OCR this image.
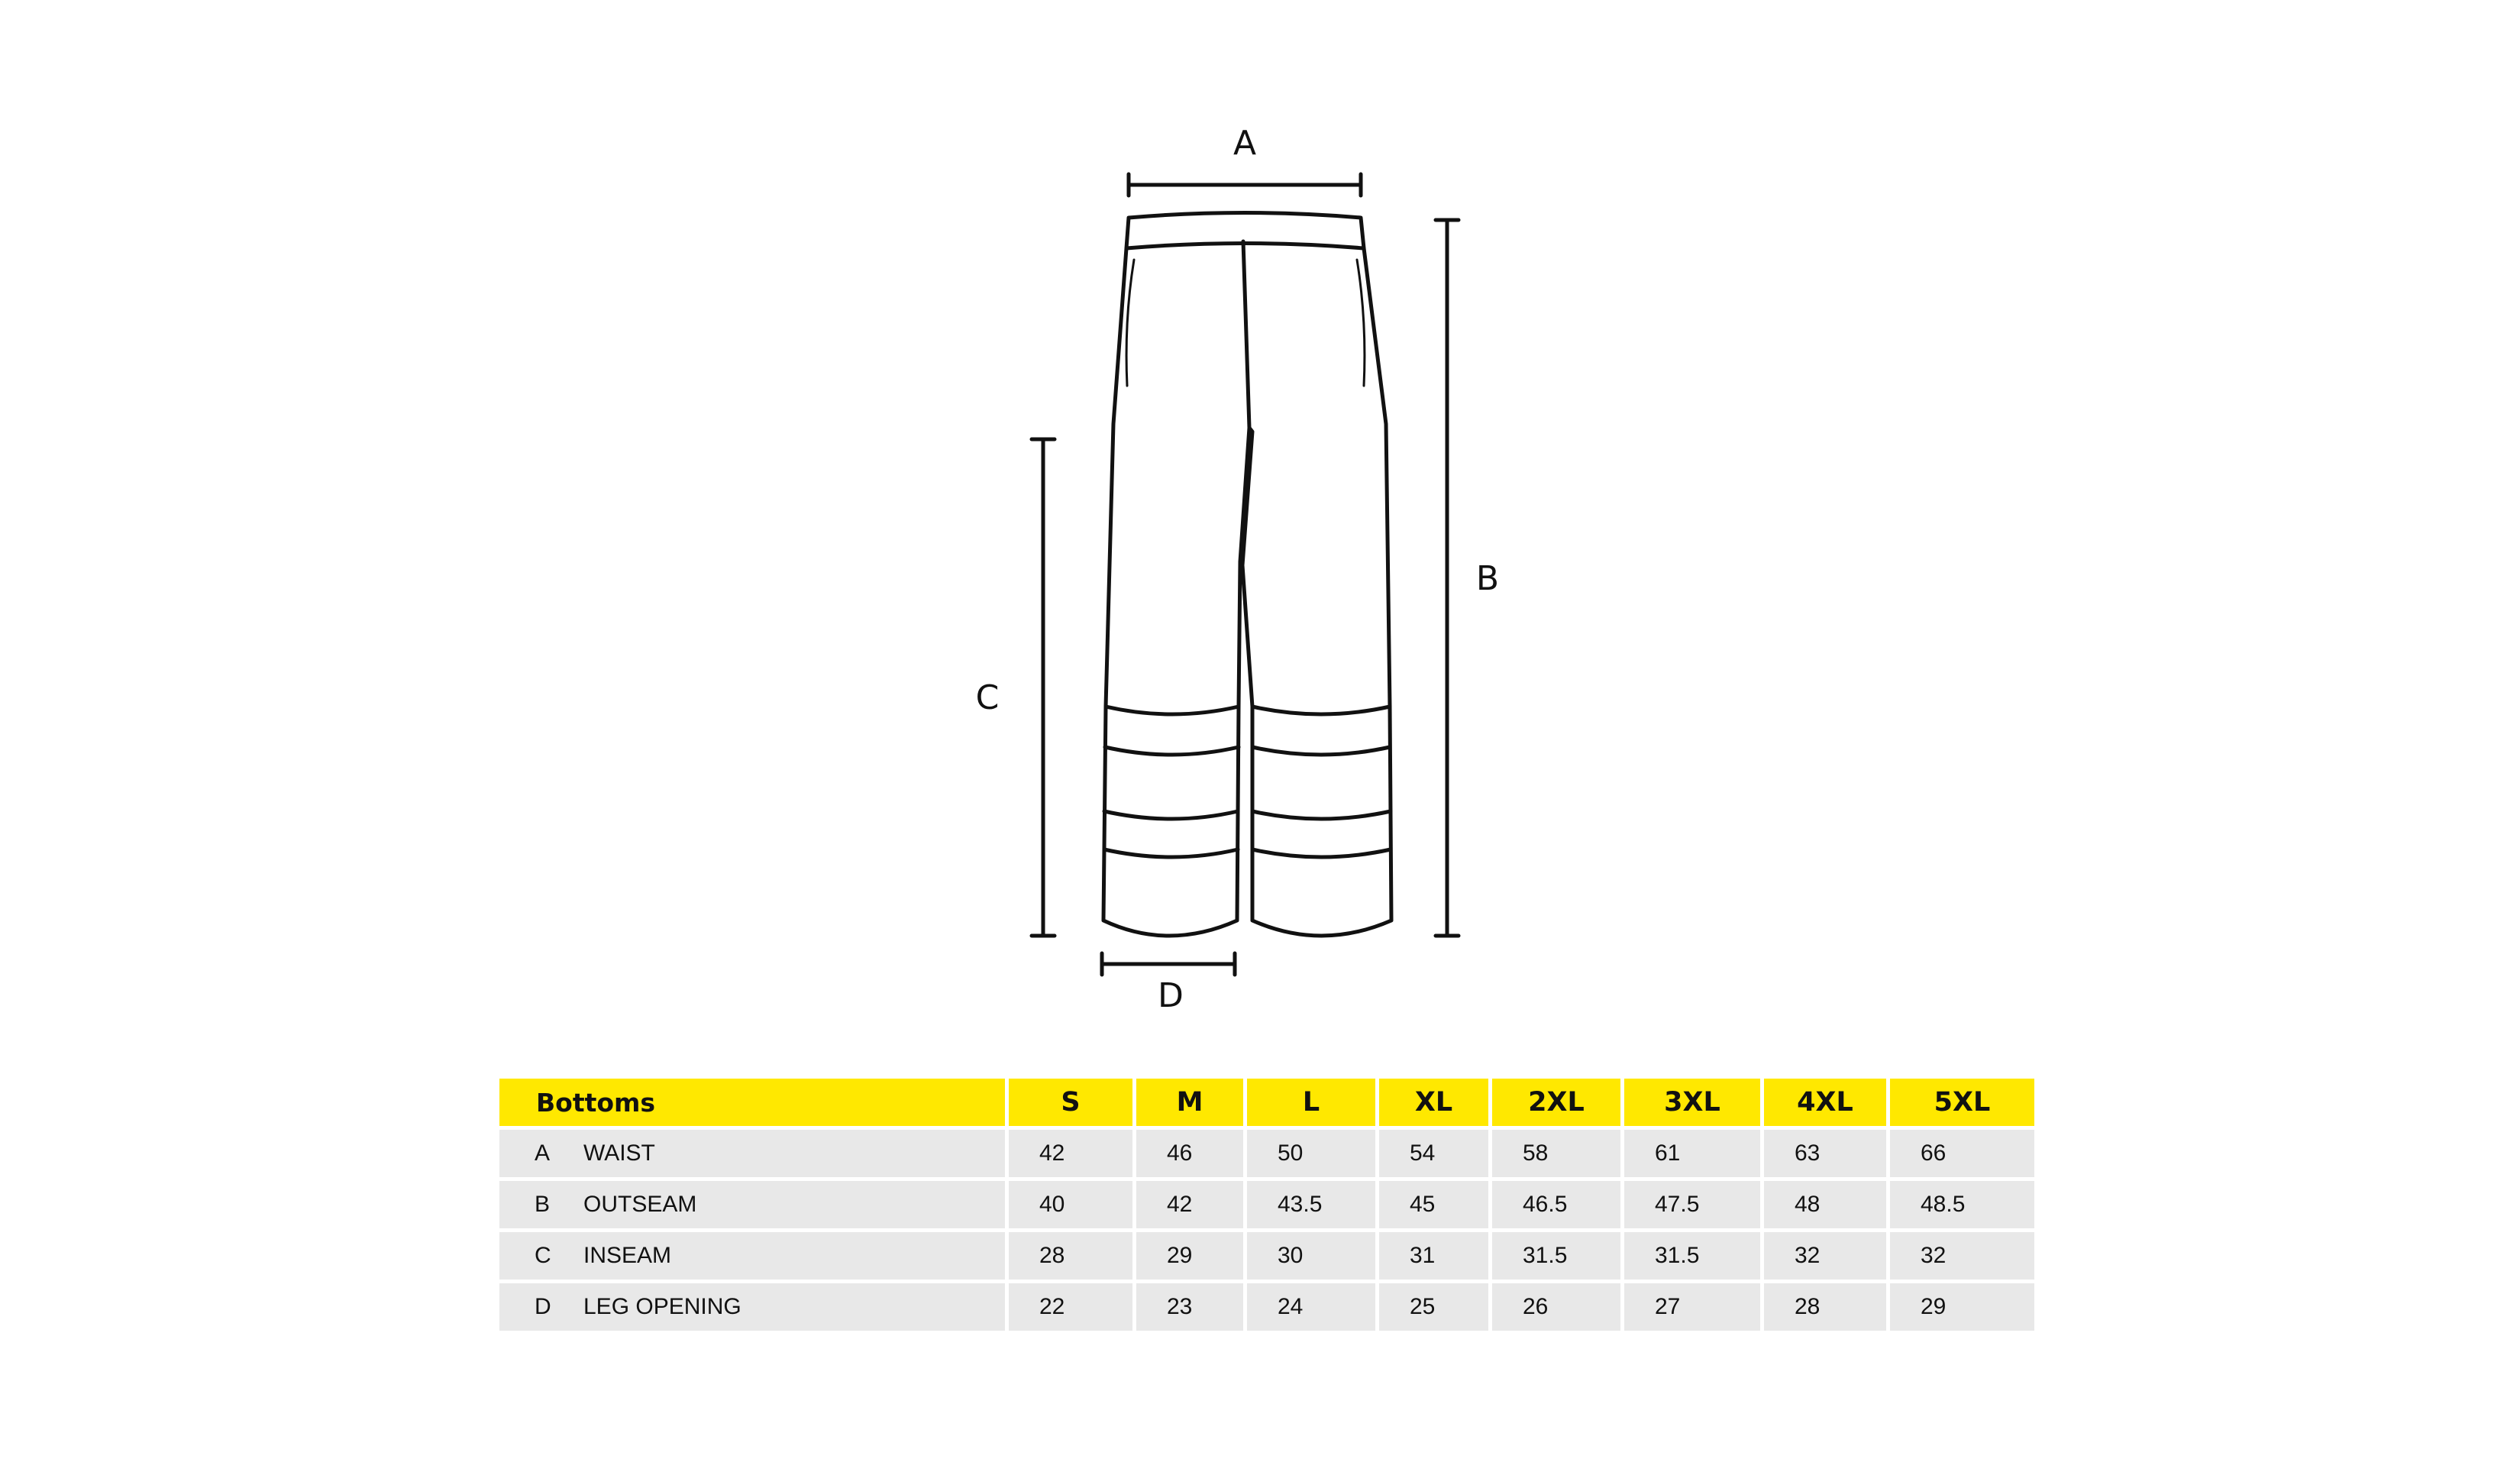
A
B
C
D
Bottoms	S	M	L	XL	2XL	3XL	4XL	5XL
A WAIST	42	46	50	54	58	61	63	66
B OUTSEAM	40	42	43.5	45	46.5	47.5	48	48.5
C INSEAM	28	29	30	31	31.5	31.5	32	32
D LEG OPENING	22	23	24	25	26	27	28	29
